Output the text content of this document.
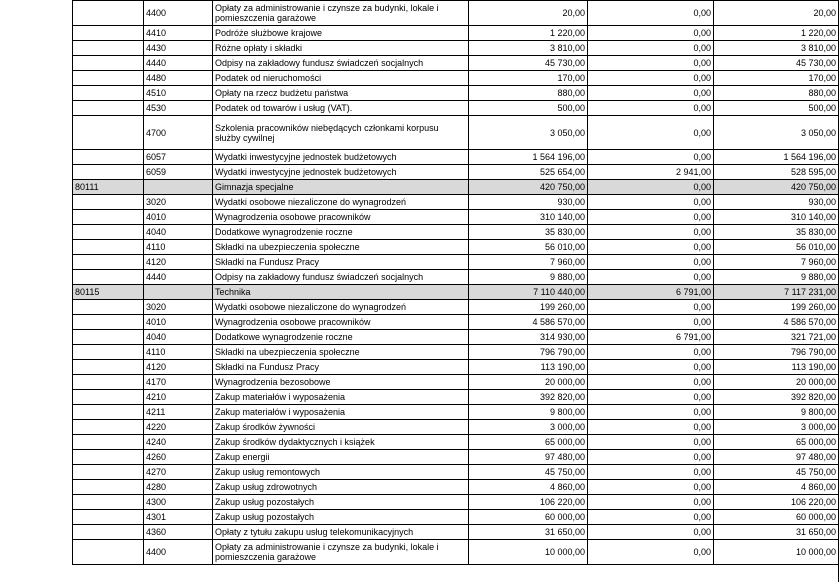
	4400	Opłaty za administrowanie i czynsze za budynki, lokale i pomieszczenia garażowe	20,00	0,00	20,00
	4410	Podróże służbowe krajowe	1 220,00	0,00	1 220,00
	4430	Różne opłaty i składki	3 810,00	0,00	3 810,00
	4440	Odpisy na zakładowy fundusz świadczeń socjalnych	45 730,00	0,00	45 730,00
	4480	Podatek od nieruchomości	170,00	0,00	170,00
	4510	Opłaty na rzecz budżetu państwa	880,00	0,00	880,00
	4530	Podatek od towarów i usług (VAT).	500,00	0,00	500,00
	4700	Szkolenia pracowników niebędących członkami korpusu służby cywilnej	3 050,00	0,00	3 050,00
	6057	Wydatki inwestycyjne jednostek budżetowych	1 564 196,00	0,00	1 564 196,00
	6059	Wydatki inwestycyjne jednostek budżetowych	525 654,00	2 941,00	528 595,00
80111		Gimnazja specjalne	420 750,00	0,00	420 750,00
	3020	Wydatki osobowe niezaliczone do wynagrodzeń	930,00	0,00	930,00
	4010	Wynagrodzenia osobowe pracowników	310 140,00	0,00	310 140,00
	4040	Dodatkowe wynagrodzenie roczne	35 830,00	0,00	35 830,00
	4110	Składki na ubezpieczenia społeczne	56 010,00	0,00	56 010,00
	4120	Składki na Fundusz Pracy	7 960,00	0,00	7 960,00
	4440	Odpisy na zakładowy fundusz świadczeń socjalnych	9 880,00	0,00	9 880,00
80115		Technika	7 110 440,00	6 791,00	7 117 231,00
	3020	Wydatki osobowe niezaliczone do wynagrodzeń	199 260,00	0,00	199 260,00
	4010	Wynagrodzenia osobowe pracowników	4 586 570,00	0,00	4 586 570,00
	4040	Dodatkowe wynagrodzenie roczne	314 930,00	6 791,00	321 721,00
	4110	Składki na ubezpieczenia społeczne	796 790,00	0,00	796 790,00
	4120	Składki na Fundusz Pracy	113 190,00	0,00	113 190,00
	4170	Wynagrodzenia bezosobowe	20 000,00	0,00	20 000,00
	4210	Zakup materiałów i wyposażenia	392 820,00	0,00	392 820,00
	4211	Zakup materiałów i wyposażenia	9 800,00	0,00	9 800,00
	4220	Zakup środków żywności	3 000,00	0,00	3 000,00
	4240	Zakup środków dydaktycznych i książek	65 000,00	0,00	65 000,00
	4260	Zakup energii	97 480,00	0,00	97 480,00
	4270	Zakup usług remontowych	45 750,00	0,00	45 750,00
	4280	Zakup usług zdrowotnych	4 860,00	0,00	4 860,00
	4300	Zakup usług pozostałych	106 220,00	0,00	106 220,00
	4301	Zakup usług pozostałych	60 000,00	0,00	60 000,00
	4360	Opłaty z tytułu zakupu usług telekomunikacyjnych	31 650,00	0,00	31 650,00
	4400	Opłaty za administrowanie i czynsze za budynki, lokale i pomieszczenia garażowe	10 000,00	0,00	10 000,00
